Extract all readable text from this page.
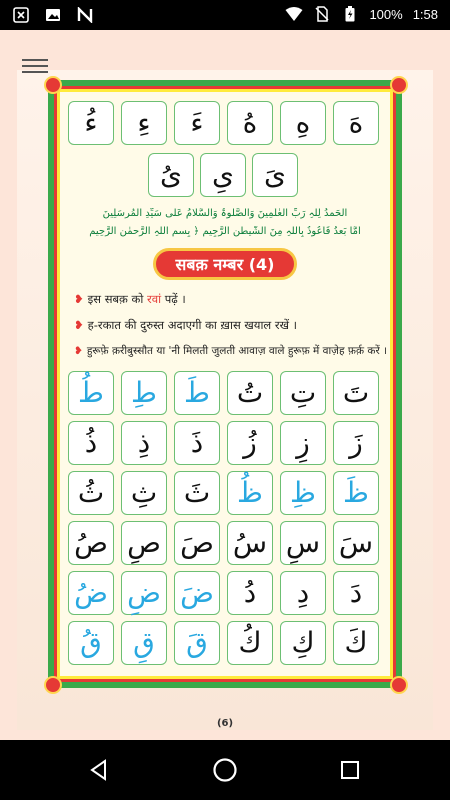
100% 1:58
هَ
هِ
هُ
ءَ
ءِ
ءُ
یَ
یِ
یُ
الحَمدُ لِلّٰہِ رَبِّ العٰلَمِینَ وَالصَّلٰوۃُ وَالسَّلَامُ عَلٰی سَیِّدِ المُرسَلِینَ
اَمَّا بَعدُ فَاَعُوذُ بِاللّٰہِ مِنَ الشَّیطٰنِ الرَّجِیمِ ﴿ بِسمِ اللّٰہِ الرَّحمٰنِ الرَّحِیمِ
सबक़ नम्बर (4)
❥ इस सबक़ को रवां पढ़ें ।
❥ ह-रकात की दुरुस्त अदाएगी का ख़ास खयाल रखें ।
❥ हुरूफ़े क़रीबुस्सौत या 'नी मिलती जुलती आवाज़ वाले हुरूफ़ में वाज़ेह फ़र्क़ करें ।
تَ
تِ
تُ
طَ
طِ
طُ
زَ
زِ
زُ
ذَ
ذِ
ذُ
ظَ
ظِ
ظُ
ثَ
ثِ
ثُ
سَ
سِ
سُ
صَ
صِ
صُ
دَ
دِ
دُ
ضَ
ضِ
ضُ
كَ
كِ
كُ
قَ
قِ
قُ
(6)
